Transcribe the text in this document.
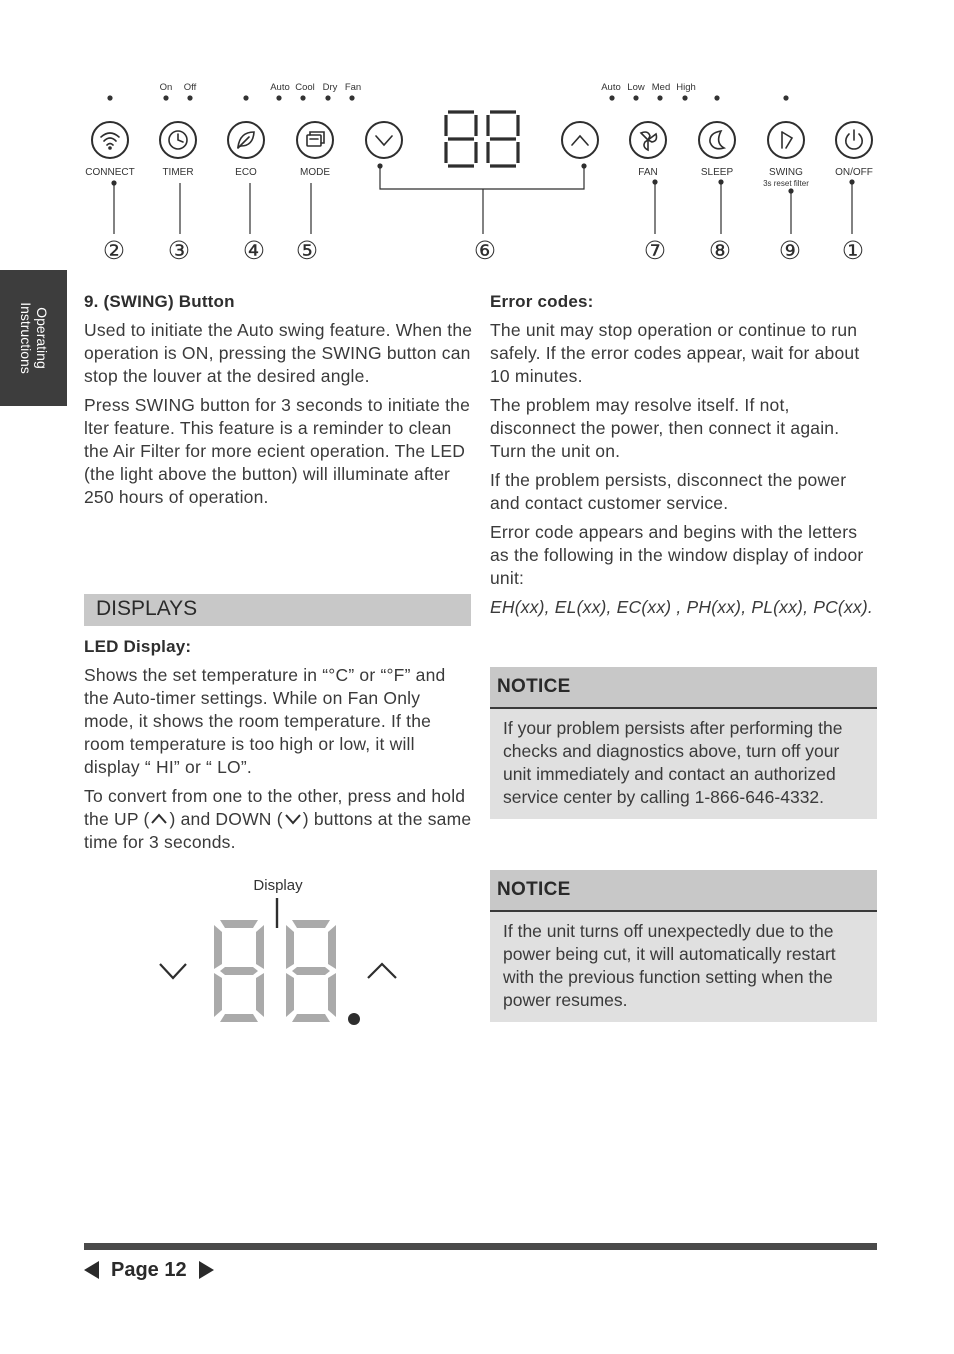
On Off	Auto Cool Dry Fan	Auto Low Med High
CONNECT	TIMER	ECO	MODE	FAN	SLEEP	SWING
3s reset filter
ON/OFF
② ③ ④ ⑤	⑥	⑦ ⑧ ⑨ ①
Operating
Instructions

9. (SWING) Button

Used to initiate the Auto swing feature. When the operation is ON, pressing the SWING button can stop the louver at the desired angle.

Press SWING button for 3 seconds to initiate the lter feature. This feature is a reminder to clean the Air Filter for more ecient operation. The LED (the light above the button) will illuminate after 250 hours of operation.

DISPLAYS

LED Display:

Shows the set temperature in “°C” or “°F” and the Auto-timer settings. While on Fan Only mode, it shows the room temperature. If the room temperature is too high or low, it will display “ HI” or “ LO”.

To convert from one to the other, press and hold the UP ( ) and DOWN ( ) buttons at the same time for 3 seconds.

Display

Error codes:

The unit may stop operation or continue to run safely. If the error codes appear, wait for about 10 minutes.

The problem may resolve itself. If not, disconnect the power, then connect it again. Turn the unit on.

If the problem persists, disconnect the power and contact customer service.

Error code appears and begins with the letters as the following in the window display of indoor unit:

EH(xx), EL(xx), EC(xx) , PH(xx), PL(xx), PC(xx).

NOTICE
If your problem persists after performing the checks and diagnostics above, turn off your unit immediately and contact an authorized service center by calling 1-866-646-4332.
NOTICE
If the unit turns off unexpectedly due to the power being cut, it will automatically restart with the previous function setting when the power resumes.
Page 12
